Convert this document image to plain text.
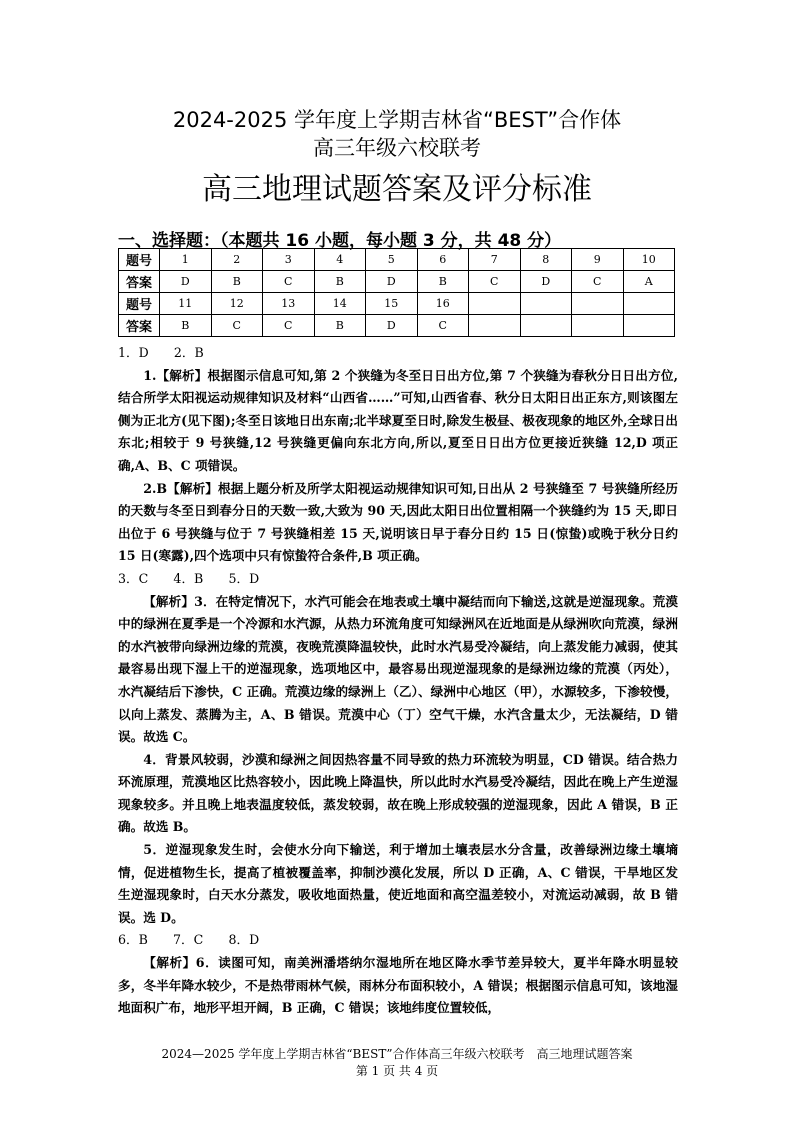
2024-2025 学年度上学期吉林省“BEST”合作体
高三年级六校联考
高三地理试题答案及评分标准
一、选择题：（本题共 16 小题，每小题 3 分，共 48 分）
题号	1	2	3	4	5	6	7	8	9	10
答案	D	B	C	B	D	B	C	D	C	A
题号	11	12	13	14	15	16				
答案	B	C	C	B	D	C				

1．D　　2．B

1.【解析】根据图示信息可知,第 2 个狭缝为冬至日日出方位,第 7 个狭缝为春秋分日日出方位,结合所学太阳视运动规律知识及材料“山西省……”可知,山西省春、秋分日太阳日出正东方,则该图左侧为正北方(见下图);冬至日该地日出东南;北半球夏至日时,除发生极昼、极夜现象的地区外,全球日出东北;相较于 9 号狭缝,12 号狭缝更偏向东北方向,所以,夏至日日出方位更接近狭缝 12,D 项正确,A、B、C 项错误。

2.B【解析】根据上题分析及所学太阳视运动规律知识可知,日出从 2 号狭缝至 7 号狭缝所经历的天数与冬至日到春分日的天数一致,大致为 90 天,因此太阳日出位置相隔一个狭缝约为 15 天,即日出位于 6 号狭缝与位于 7 号狭缝相差 15 天,说明该日早于春分日约 15 日(惊蛰)或晚于秋分日约 15 日(寒露),四个选项中只有惊蛰符合条件,B 项正确。

3．C　　4．B　　5．D

【解析】3．在特定情况下，水汽可能会在地表或土壤中凝结而向下输送,这就是逆湿现象。荒漠中的绿洲在夏季是一个冷源和水汽源，从热力环流角度可知绿洲风在近地面是从绿洲吹向荒漠，绿洲的水汽被带向绿洲边缘的荒漠，夜晚荒漠降温较快，此时水汽易受冷凝结，向上蒸发能力减弱，使其最容易出现下湿上干的逆湿现象，选项地区中，最容易出现逆湿现象的是绿洲边缘的荒漠（丙处），水汽凝结后下渗快，C 正确。荒漠边缘的绿洲上（乙）、绿洲中心地区（甲），水源较多，下渗较慢，以向上蒸发、蒸腾为主，A、B 错误。荒漠中心（丁）空气干燥，水汽含量太少，无法凝结，D 错误。故选 C。

4．背景风较弱，沙漠和绿洲之间因热容量不同导致的热力环流较为明显，CD 错误。结合热力环流原理，荒漠地区比热容较小，因此晚上降温快，所以此时水汽易受冷凝结，因此在晚上产生逆湿现象较多。并且晚上地表温度较低，蒸发较弱，故在晚上形成较强的逆湿现象，因此 A 错误，B 正确。故选 B。

5．逆湿现象发生时，会使水分向下输送，利于增加土壤表层水分含量，改善绿洲边缘土壤墒情，促进植物生长，提高了植被覆盖率，抑制沙漠化发展，所以 D 正确，A、C 错误，干旱地区发生逆湿现象时，白天水分蒸发，吸收地面热量，使近地面和高空温差较小，对流运动减弱，故 B 错误。选 D。

6．B　　7．C　　8．D

【解析】6．读图可知，南美洲潘塔纳尔湿地所在地区降水季节差异较大，夏半年降水明显较多，冬半年降水较少，不是热带雨林气候，雨林分布面积较小，A 错误；根据图示信息可知，该地湿地面积广布，地形平坦开阔，B 正确，C 错误；该地纬度位置较低，

2024—2025 学年度上学期吉林省“BEST”合作体高三年级六校联考　高三地理试题答案
第 1 页 共 4 页
